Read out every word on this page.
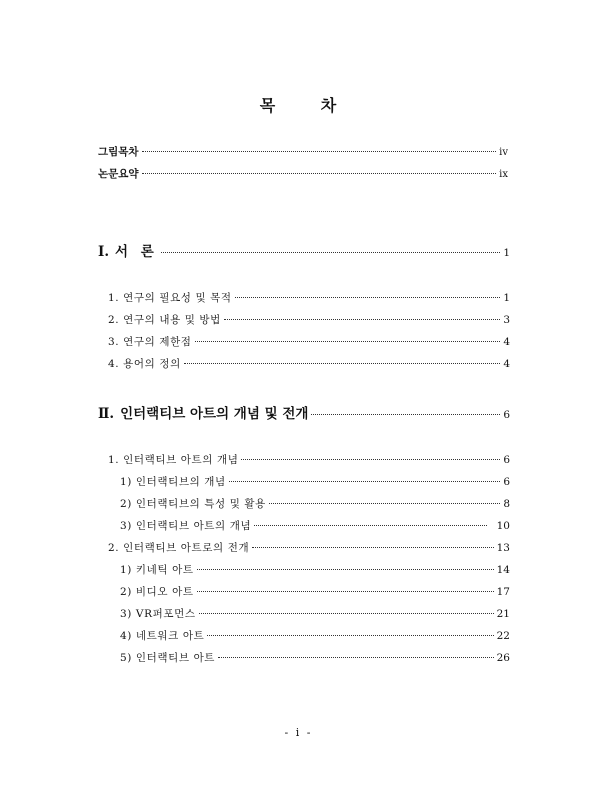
목 차
그림목차	iv
논문요약	ix
Ⅰ. 서 론	1
1. 연구의 필요성 및 목적	1
2. 연구의 내용 및 방법	3
3. 연구의 제한점	4
4. 용어의 정의	4
Ⅱ. 인터랙티브 아트의 개념 및 전개	6
1. 인터랙티브 아트의 개념	6
1) 인터랙티브의 개념	6
2) 인터랙티브의 특성 및 활용	8
3) 인터랙티브 아트의 개념	10
2. 인터랙티브 아트로의 전개	13
1) 키네틱 아트	14
2) 비디오 아트	17
3) VR퍼포먼스	21
4) 네트워크 아트	22
5) 인터랙티브 아트	26
- i -
